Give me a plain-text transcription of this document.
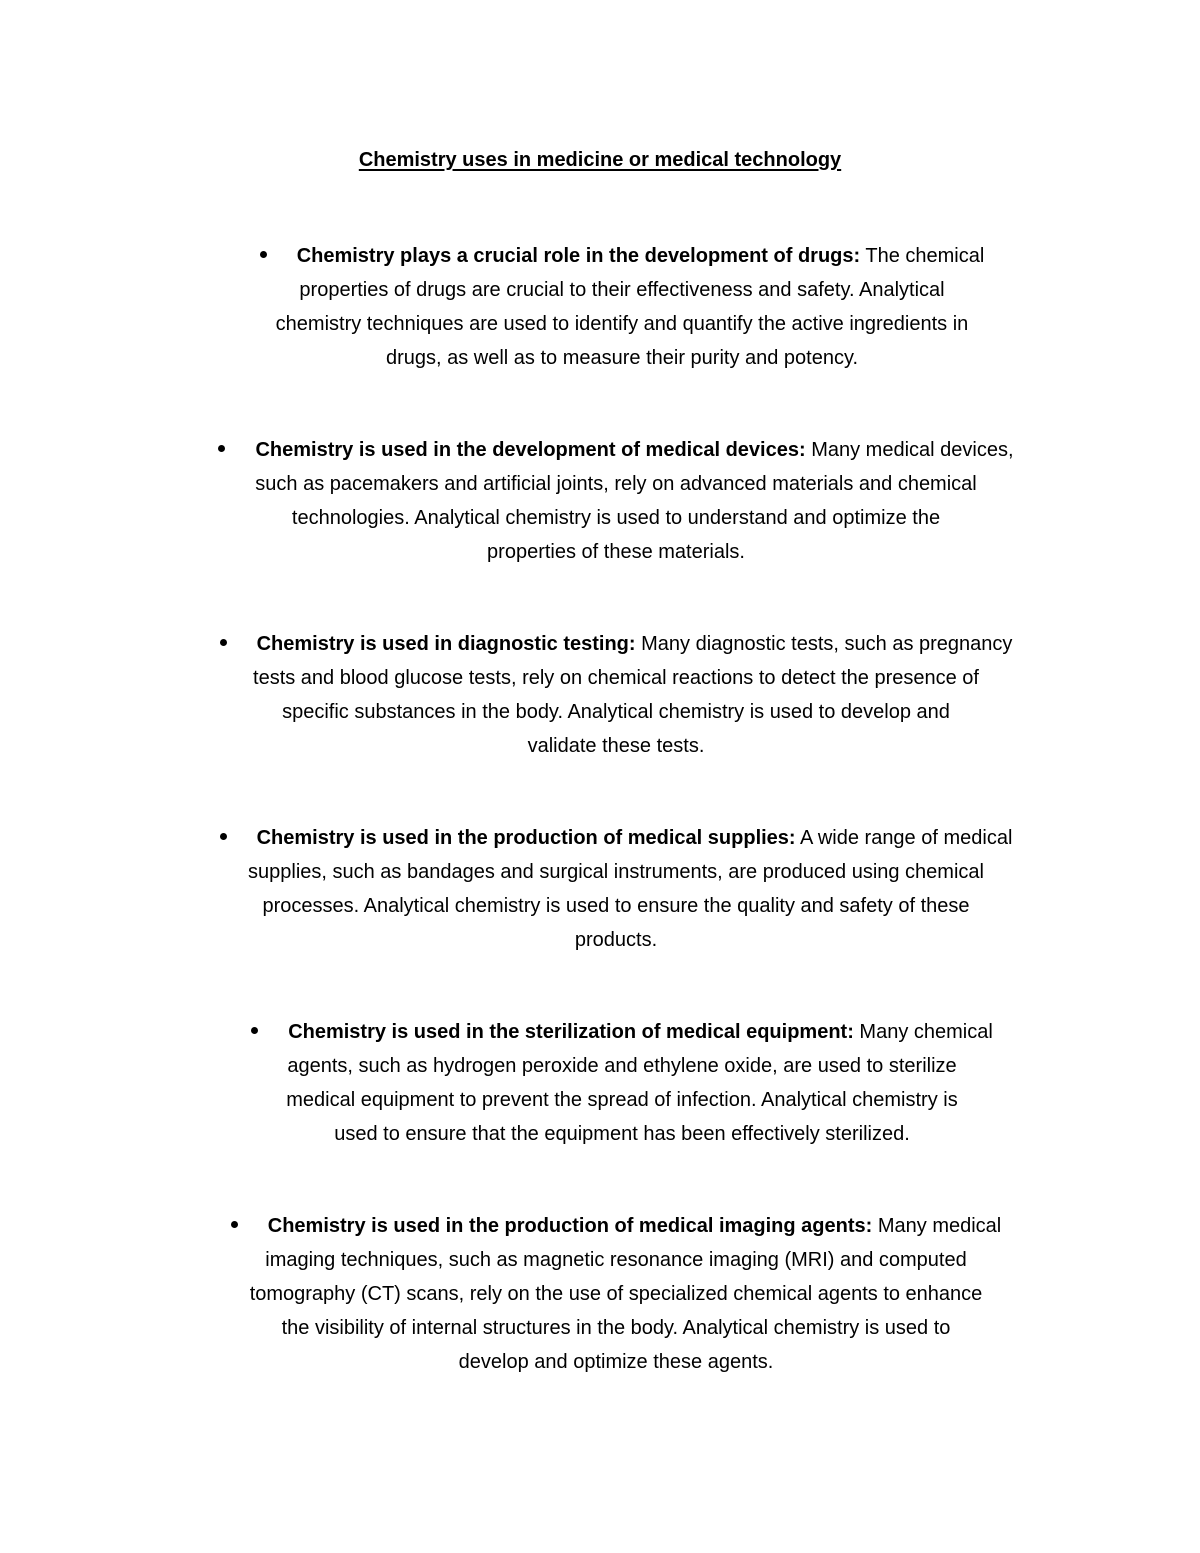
Chemistry uses in medicine or medical technology
Chemistry plays a crucial role in the development of drugs: The chemical
properties of drugs are crucial to their effectiveness and safety. Analytical
chemistry techniques are used to identify and quantify the active ingredients in
drugs, as well as to measure their purity and potency.
Chemistry is used in the development of medical devices: Many medical devices,
such as pacemakers and artificial joints, rely on advanced materials and chemical
technologies. Analytical chemistry is used to understand and optimize the
properties of these materials.
Chemistry is used in diagnostic testing: Many diagnostic tests, such as pregnancy
tests and blood glucose tests, rely on chemical reactions to detect the presence of
specific substances in the body. Analytical chemistry is used to develop and
validate these tests.
Chemistry is used in the production of medical supplies: A wide range of medical
supplies, such as bandages and surgical instruments, are produced using chemical
processes. Analytical chemistry is used to ensure the quality and safety of these
products.
Chemistry is used in the sterilization of medical equipment: Many chemical
agents, such as hydrogen peroxide and ethylene oxide, are used to sterilize
medical equipment to prevent the spread of infection. Analytical chemistry is
used to ensure that the equipment has been effectively sterilized.
Chemistry is used in the production of medical imaging agents: Many medical
imaging techniques, such as magnetic resonance imaging (MRI) and computed
tomography (CT) scans, rely on the use of specialized chemical agents to enhance
the visibility of internal structures in the body. Analytical chemistry is used to
develop and optimize these agents.
